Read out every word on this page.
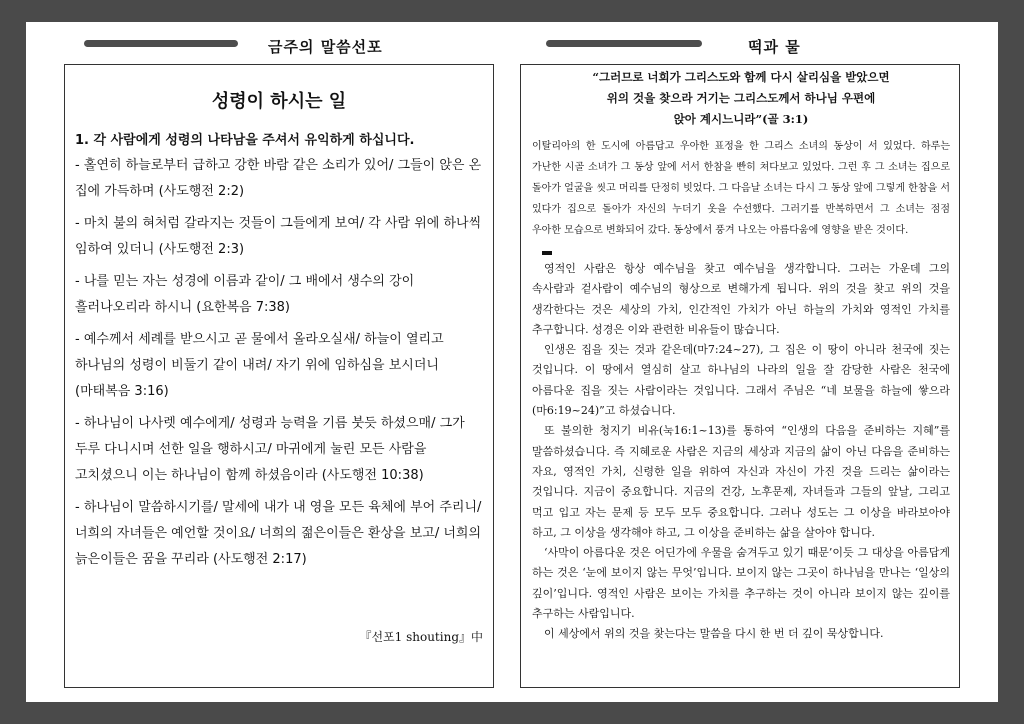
금주의 말씀선포	떡과 물
성령이 하시는 일
1. 각 사람에게 성령의 나타남을 주셔서 유익하게 하십니다.

- 홀연히 하늘로부터 급하고 강한 바람 같은 소리가 있어/ 그들이 앉은 온 집에 가득하며 (사도행전 2:2)

- 마치 불의 혀처럼 갈라지는 것들이 그들에게 보여/ 각 사람 위에 하나씩 임하여 있더니 (사도행전 2:3)

- 나를 믿는 자는 성경에 이름과 같이/ 그 배에서 생수의 강이 흘러나오리라 하시니 (요한복음 7:38)

- 예수께서 세례를 받으시고 곧 물에서 올라오실새/ 하늘이 열리고 하나님의 성령이 비둘기 같이 내려/ 자기 위에 임하심을 보시더니 (마태복음 3:16)

- 하나님이 나사렛 예수에게/ 성령과 능력을 기름 붓듯 하셨으매/ 그가 두루 다니시며 선한 일을 행하시고/ 마귀에게 눌린 모든 사람을 고치셨으니 이는 하나님이 함께 하셨음이라 (사도행전 10:38)

- 하나님이 말씀하시기를/ 말세에 내가 내 영을 모든 육체에 부어 주리니/ 너희의 자녀들은 예언할 것이요/ 너희의 젊은이들은 환상을 보고/ 너희의 늙은이들은 꿈을 꾸리라 (사도행전 2:17)

『선포1 shouting』中

“그러므로 너희가 그리스도와 함께 다시 살리심을 받았으면

위의 것을 찾으라 거기는 그리스도께서 하나님 우편에

앉아 계시느니라”(골 3:1)

이탈리아의 한 도시에 아름답고 우아한 표정을 한 그리스 소녀의 동상이 서 있었다. 하루는 가난한 시골 소녀가 그 동상 앞에 서서 한참을 빤히 쳐다보고 있었다. 그런 후 그 소녀는 집으로 돌아가 얼굴을 씻고 머리를 단정히 빗었다. 그 다음날 소녀는 다시 그 동상 앞에 그렇게 한참을 서 있다가 집으로 돌아가 자신의 누더기 옷을 수선했다. 그러기를 반복하면서 그 소녀는 점점 우아한 모습으로 변화되어 갔다. 동상에서 풍겨 나오는 아름다움에 영향을 받은 것이다.

영적인 사람은 항상 예수님을 찾고 예수님을 생각합니다. 그러는 가운데 그의 속사람과 겉사람이 예수님의 형상으로 변해가게 됩니다. 위의 것을 찾고 위의 것을 생각한다는 것은 세상의 가치, 인간적인 가치가 아닌 하늘의 가치와 영적인 가치를 추구합니다. 성경은 이와 관련한 비유들이 많습니다.

인생은 집을 짓는 것과 같은데(마7:24~27), 그 집은 이 땅이 아니라 천국에 짓는 것입니다. 이 땅에서 열심히 살고 하나님의 나라의 일을 잘 감당한 사람은 천국에 아름다운 집을 짓는 사람이라는 것입니다. 그래서 주님은 “네 보물을 하늘에 쌓으라(마6:19~24)”고 하셨습니다.

또 불의한 청지기 비유(눅16:1~13)를 통하여 “인생의 다음을 준비하는 지혜”를 말씀하셨습니다. 즉 지혜로운 사람은 지금의 세상과 지금의 삶이 아닌 다음을 준비하는 자요, 영적인 가치, 신령한 일을 위하여 자신과 자신이 가진 것을 드리는 삶이라는 것입니다. 지금이 중요합니다. 지금의 건강, 노후문제, 자녀들과 그들의 앞날, 그리고 먹고 입고 자는 문제 등 모두 모두 중요합니다. 그러나 성도는 그 이상을 바라보아야 하고, 그 이상을 생각해야 하고, 그 이상을 준비하는 삶을 살아야 합니다.

‘사막이 아름다운 것은 어딘가에 우물을 숨겨두고 있기 때문’이듯 그 대상을 아름답게 하는 것은 ‘눈에 보이지 않는 무엇’입니다. 보이지 않는 그곳이 하나님을 만나는 ‘일상의 깊이’입니다. 영적인 사람은 보이는 가치를 추구하는 것이 아니라 보이지 않는 깊이를 추구하는 사람입니다.

이 세상에서 위의 것을 찾는다는 말씀을 다시 한 번 더 깊이 묵상합니다.
